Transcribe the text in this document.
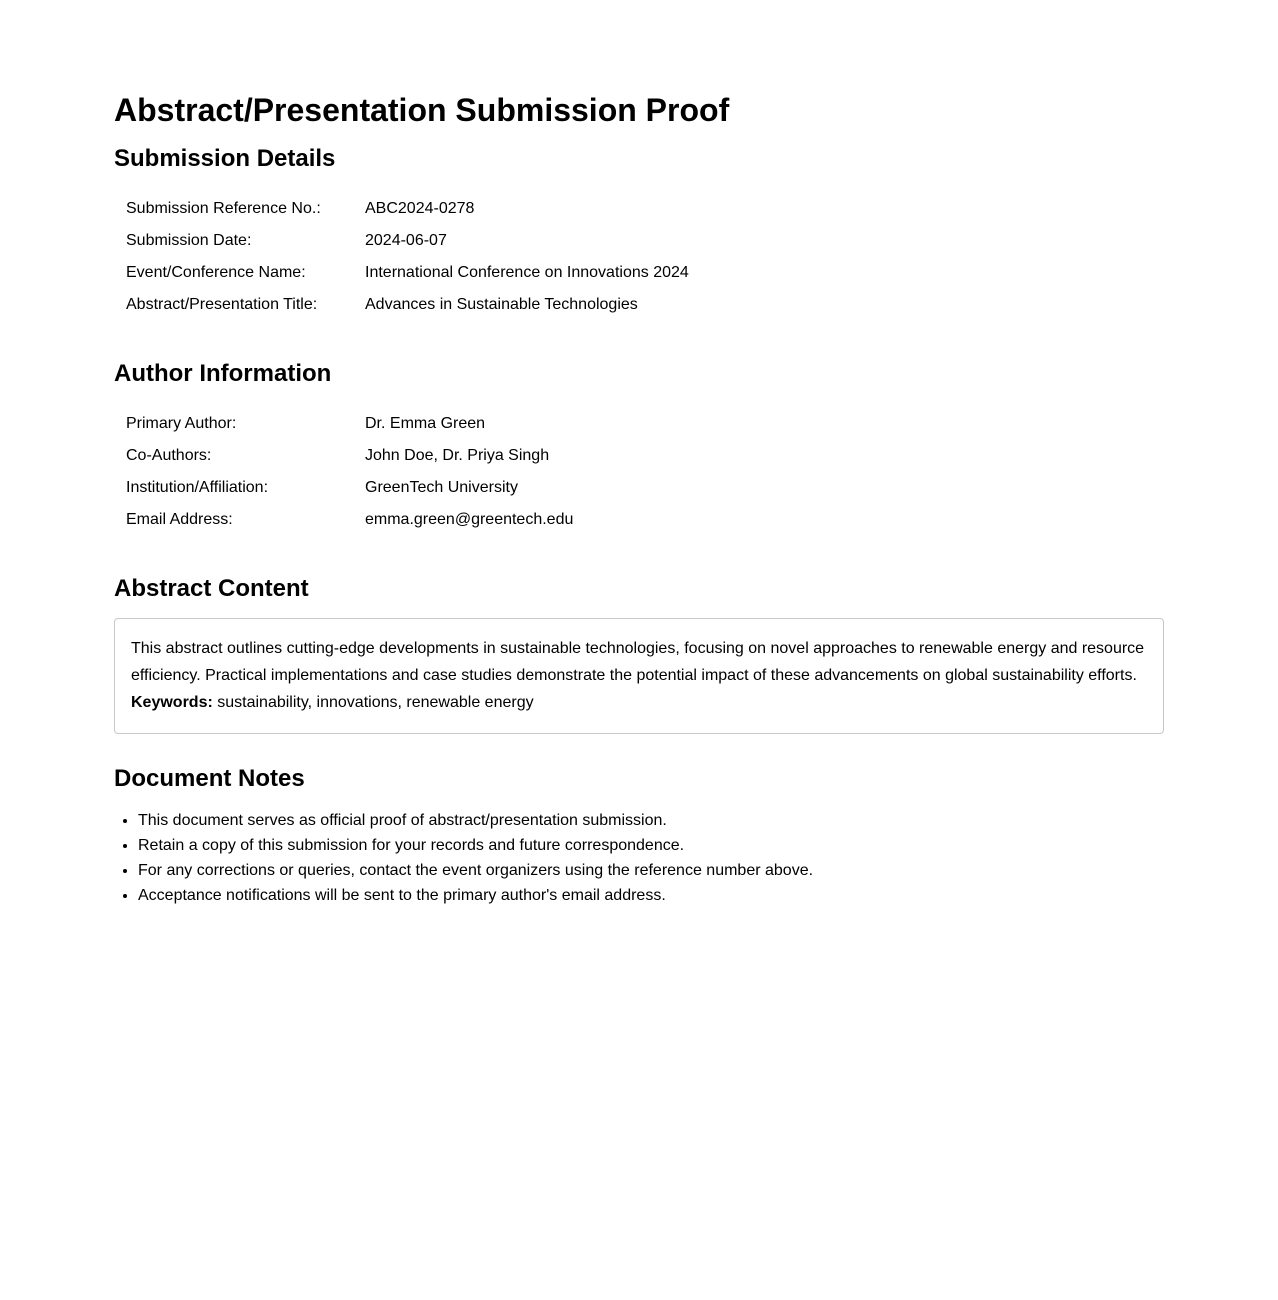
Abstract/Presentation Submission Proof
Submission Details
Submission Reference No.:	ABC2024-0278
Submission Date:	2024-06-07
Event/Conference Name:	International Conference on Innovations 2024
Abstract/Presentation Title:	Advances in Sustainable Technologies
Author Information
Primary Author:	Dr. Emma Green
Co-Authors:	John Doe, Dr. Priya Singh
Institution/Affiliation:	GreenTech University
Email Address:	emma.green@greentech.edu
Abstract Content

This abstract outlines cutting-edge developments in sustainable technologies, focusing on novel approaches to renewable energy and resource efficiency. Practical implementations and case studies demonstrate the potential impact of these advancements on global sustainability efforts.

Keywords: sustainability, innovations, renewable energy

Document Notes
• This document serves as official proof of abstract/presentation submission.
• Retain a copy of this submission for your records and future correspondence.
• For any corrections or queries, contact the event organizers using the reference number above.
• Acceptance notifications will be sent to the primary author's email address.
